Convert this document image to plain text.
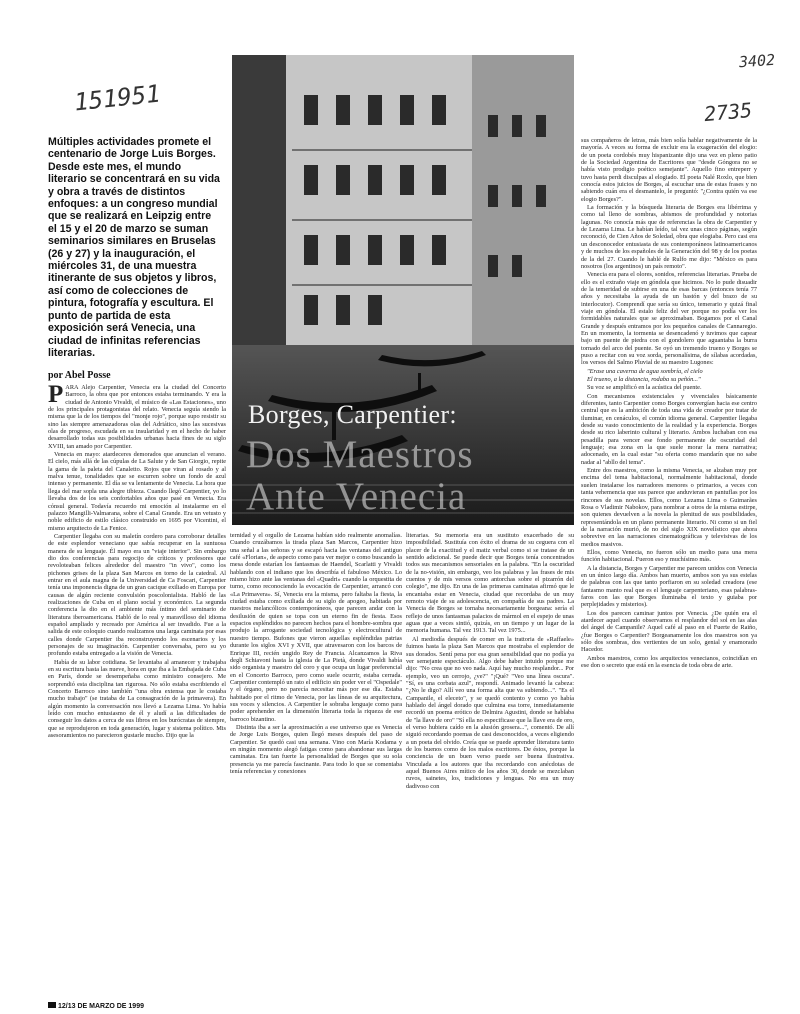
151951
3402
2735
Múltiples actividades promete el centenario de Jorge Luis Borges. Desde este mes, el mundo literario se concentrará en su vida y obra a través de distintos enfoques: a un congreso mundial que se realizará en Leipzig entre el 15 y el 20 de marzo se suman seminarios similares en Bruselas (26 y 27) y la inauguración, el miércoles 31, de una muestra itinerante de sus objetos y libros, así como de colecciones de pintura, fotografía y escultura. El punto de partida de esta exposición será Venecia, una ciudad de infinitas referencias literarias.
por Abel Posse
Borges, Carpentier:
Dos Maestros
Ante Venecia

PARA Alejo Carpentier, Venecia era la ciudad del Concerto Barroco, la obra que por entonces estaba terminando. Y era la ciudad de Antonio Vivaldi, el músico de «Las Estaciones», uno de los principales protagonistas del relato. Venecia seguía siendo la misma que la de los tiempos del "monje rojo", porque supo resistir su sino las siempre amenazadoras olas del Adriático, sino las sucesivas olas de progreso, escudada en su insularidad y en el hecho de haber desarrollado todas sus posibilidades urbanas hacia fines de su siglo XVIII, tan amado por Carpentier.

Venecia en mayo: atardeceres demorados que anuncian el verano. El cielo, más allá de las cúpulas de La Salute y de San Giorgio, repite la gama de la paleta del Canaletto. Rojos que viran al rosado y al malva tenue, tonalidades que se escurren sobre un fondo de azul intenso y permanente. El día se va lentamente de Venecia. La hora que llega del mar sopla una alegre tibieza. Cuando llegó Carpentier, yo lo llevaba dos de los seis confortables años que pasé en Venecia. Era cónsul general. Todavía recuerdo mi emoción al instalarme en el palazzo Mangilli-Valmarana, sobre el Canal Grande. Era un vetusto y noble edificio de estilo clásico construido en 1695 por Vicentini, el mismo arquitecto de La Fenice.

Carpentier llegaba con su maletín cordero para corroborar detalles de este esplendor veneciano que sabía recuperar en la suntuosa manera de su lenguaje. Él mayo era un "viaje interior". Sin embargo dio dos conferencias para regocijo de críticos y profesores que revoloteaban felices alrededor del maestro "in vivo", como los pichones grises de la plaza San Marcos en torno de la catedral. Al entrar en el aula magna de la Universidad de Ca Foscari, Carpentier tenía una imponencia digna de un gran cacique exiliado en Europa por causas de algún reciente convulsión poscolonialista. Habló de las realizaciones de Cuba en el plano social y económico. La segunda conferencia la dio en el ambiente más íntimo del seminario de literatura iberoamericana. Habló de lo real y maravilloso del idioma español ampliado y recreado por América al ser invadido. Fue a la salida de este coloquio cuando realizamos una larga caminata por esas calles donde Carpentier iba reconstruyendo los escenarios y los personajes de su imaginación. Carpentier conversaba, pero su yo profundo estaba entregado a la visión de Venecia.

Había de su labor cotidiana. Se levantaba al amanecer y trabajaba en su escritura hasta las nueve, hora en que iba a la Embajada de Cuba en París, donde se desempeñaba como ministro consejero. Me sorprendió esta disciplina tan rigurosa. No sólo estaba escribiendo el Concerto Barroco sino también "una obra extensa que le costaba mucho trabajo" (se trataba de La consagración de la primavera). En algún momento la conversación nos llevó a Lezama Lima. Yo había leído con mucho entusiasmo de él y aludí a las dificultades de conseguir los datos a cerca de sus libros en los burócratas de siempre, que se reprodujeron en toda generación, lugar y sistema político. Mis asesoramientos no parecieron gustarle mucho. Dijo que la

ternidad y el orgullo de Lezama habían sido realmente anomalías. Cuando cruzábamos la tirada plaza San Marcos, Carpentier hizo una señal a las señoras y se escapó hacia las ventanas del antiguo café «Florian», de aspecto como para ver mejor o como buscando la mesa donde estarían los fantasmas de Haendel, Scarlatti y Vivaldi hablando con el indiano que los describía el fabuloso México. Lo mismo hizo ante las ventanas del «Quadri» cuando la orquestita de turno, como reconociendo la evocación de Carpentier, arrancó con «La Primavera». Sí, Venecia era la misma, pero faltaba la fiesta, la ciudad estaba como exiliada de su siglo de apogeo, habitada por nuestros melancólicos contemporáneos, que parecen andar con la desilusión de quien se topa con un eterno fin de fiesta. Esos espacios espléndidos no parecen hechos para el hombre-sombra que produjo la arrogante sociedad tecnológica y electrocultural de nuestro tiempo. Bufones que vieron aquellas espléndidas patrias durante los siglos XVI y XVII, que atravesaron con los barcos de Enrique III, recién ungido Rey de Francia. Alcanzamos la Riva degli Schiavoni hasta la iglesia de La Pietà, donde Vivaldi había sido organista y maestro del coro y que ocupa un lugar preferencial en el Concerto Barroco, pero como suele ocurrir, estaba cerrada. Carpentier contempló un rato el edificio sin poder ver el "Ospedale" y el órgano, pero no parecía necesitar más por ese día. Estaba habitado por el ritmo de Venecia, por las líneas de su arquitectura, sus voces y silencios. A Carpentier le sobraba lenguaje como para poder aprehender en la dimensión literaria toda la riqueza de ese barroco bizantino.

Distinta iba a ser la aproximación a ese universo que es Venecia de Jorge Luis Borges, quien llegó meses después del paso de Carpentier. Se quedó casi una semana. Vino con María Kodama y en ningún momento alegó fatigas como para abandonar sus largas caminatas. Era tan fuerte la personalidad de Borges que su sola presencia ya me parecía fascinante. Para todo lo que se comentaba tenía referencias y conexiones

literarias. Su memoria era un sustituto exacerbado de su imposibilidad. Sustituía con éxito el drama de su ceguera con el placer de la exactitud y el matiz verbal como si se tratase de un sentido adicional. Se puede decir que Borges tenía concentrados todos sus mecanismos sensoriales en la palabra. "En la oscuridad de la no-visión, sin embargo, veo los palabras y las frases de mis cuentos y de mis versos como antorchas sobre el pizarrón del colegio", me dijo. En una de las primeras caminatas afirmó que le encantaba estar en Venecia, ciudad que recordaba de un muy remoto viaje de su adolescencia, en compañía de sus padres. La Venecia de Borges se tornaba necesariamente borgeana: sería el reflejo de unos fantasmas palacios de mármol en el espejo de unas aguas que a veces sintió, quizás, en un tiempo y un lugar de la memoria humana. Tal vez 1913. Tal vez 1975...

Al mediodía después de comer en la trattoria de «Raffaele» fuimos hasta la plaza San Marcos que mostraba el esplendor de sus dorados. Sentí pena por esa gran sensibilidad que no podía ya ver semejante espectáculo. Algo debe haber intuido porque me dijo: "No crea que no veo nada. Aquí hay mucho resplandor... Por ejemplo, veo un cerrojo, ¿ve?" "¡Qué? "Veo una línea oscura". "Sí, es una corbata azul", respondí. Animado levantó la cabeza: "¿No le digo? Allí veo una forma alta que va subiendo...". "Es el Campanile, el eleceto", y se quedó contento y como yo había hablado del ángel dorado que culmina esa torre, inmediatamente recordó un poema erótico de Delmira Agustini, donde se hablaba de "la llave de oro" "Sí ella no especificase que la llave era de oro, el verso hubiera caído en la alusión grosera...", comentó. De allí siguió recordando poemas de casi desconocidos, a veces eligiendo a un poeta del olvido. Creía que se puede aprender literatura tanto de los buenos como de los malos escritores. De éstos, porque la conciencia de un buen verso puede ser buena ilustrativa. Vinculada a los autores que iba recordando con anécdotas de aquel Buenos Aires mítico de los años 30, donde se mezclaban ruvos, sainetes, los, tradiciones y lenguas. No era un muy dadivoso con

sus compañeros de letras, más bien solía hablar negativamente de la mayoría. A veces su forma de excluir era la exageración del elogio: de un poeta cordobés muy hispanizante dijo una vez en pleno patio de la Sociedad Argentina de Escritores que "desde Góngora no se había visto prodigio poético semejante". Aquello fino entreperr y tuvo hasta perdi disculpas al elogiado. El poeta Nalé Roxlo, que bien conocía estos juicios de Borges, al escuchar una de estas frases y no sabiendo cuán era el desmantelo, le preguntó: "¿Contra quién va ese elogio Borges?".

La formación y la búsqueda literaria de Borges era libérrima y como tal lleno de sombras, abismos de profundidad y notorias lagunas. No conocía más que de referencias la obra de Carpentier y de Lezama Lima. Le habían leído, tal vez unas cinco páginas, según reconoció, de Cien Años de Soledad, obra que elogiaba. Pero casi era un desconocedor entusiasta de sus contemporáneos latinoamericanos y de muchos de los españoles de la Generación del 98 y de los poetas de la del 27. Cuando le hablé de Rulfo me dijo: "México es para nosotros (los argentinos) un país remoto".

Venecia era para el olores, sonidos, referencias literarias. Prueba de ello es el extraño viaje en góndola que hicimos. No lo pude disuadir de la temeridad de subirse en una de esas barcas (entonces tenía 77 años y necesitaba la ayuda de un bastón y del brazo de su interlocutor). Comprendí que sería su único, temerario y quizá final viaje en góndola. El estalo feliz del ver porque no podía ver los formidables naturales que se aproximaban. Bogamos por el Canal Grande y después entramos por los pequeños canales de Cannaregio. En un momento, la tormenta se desencadenó y tuvimos que capear bajo un puente de piedra con el gondolero que aguantaba la burra tornado del arco del puente. Se oyó un tremendo trueno y Borges se puso a recitar con su voz sorda, personalísima, de sílabas acordadas, los versos del Salmo Pluvial de su maestro Lugones:

"Erase una caverna de agua sombría, el cielo

El trueno, a la distancia, rodaba su peñón..."

Su voz se amplificó en la acústica del puente.

Con mecanismos existenciales y vivenciales básicamente diferentes, tanto Carpentier como Borges convergían hacia ese centro central que es la ambición de toda una vida de creador por tratar de iluminar, en cenáculos, el común idioma general. Carpentier llegaba desde su vasto conocimiento de la realidad y la experiencia. Borges desde su rico laberinto cultural y literario. Ambos luchaban con esa pesadilla para vencer ese fondo permanente de oscuridad del lenguaje; esa zona en la que suele morar la mera narrativa; adocenado, en la cual estar "su oferta como mandarín que no sabe nadar al "abllo del tema".

Entre dos maestros, como la misma Venecia, se alzaban muy por encima del tema habitacional, normalmente habitacional, donde suelen instalarse los narradores menores o primarios, a veces con tanta vehemencia que sus parece que anduvieran en pantuflas por los rincones de sus novelas. Ellos, como Lezama Lima o Guimarães Rosa o Vladimir Nabokov, para nombrar a otros de la misma estirpe, son quienes devuelven a la novela la plenitud de sus posibilidades, representándola en un plano permanente literario. Ni como si un fiel de la narración murió, de no del siglo XIX novelístico que ahora sobrevive en las narraciones cinematográficas y televisivas de los medios masivos.

Ellos, como Venecia, no fueron sólo un medio para una mera función habitacional. Fueron eso y muchísimo más.

A la distancia, Borges y Carpentier me parecen unidos con Venecia en un único largo día. Ambos han muerto, ambos son ya sus estelas de palabras con las que tanto porfiaron en su soledad creadora (ese fantasmo manto real que es el lenguaje carpenteriano, esas palabras-faros con las que Borges iluminaba el texto y guiaba por perplejidades y misterios).

Los dos parecen caminar juntos por Venecia. ¿De quién era el atardecer aquel cuando observamos el resplandor del sol en las alas del ángel de Campanile? Aquel café al paso en el Fuerte de Raiño, ¿fue Borges o Carpentier? Borgeanamente los dos maestros son ya sólo dos sombras, dos vertientes de un solo, genial y enamorado Hacedor.

Ambos maestros, como los arquitectos venecianos, coincidían en ese don o secreto que está en la esencia de toda obra de arte.

12/13 DE MARZO DE 1999
